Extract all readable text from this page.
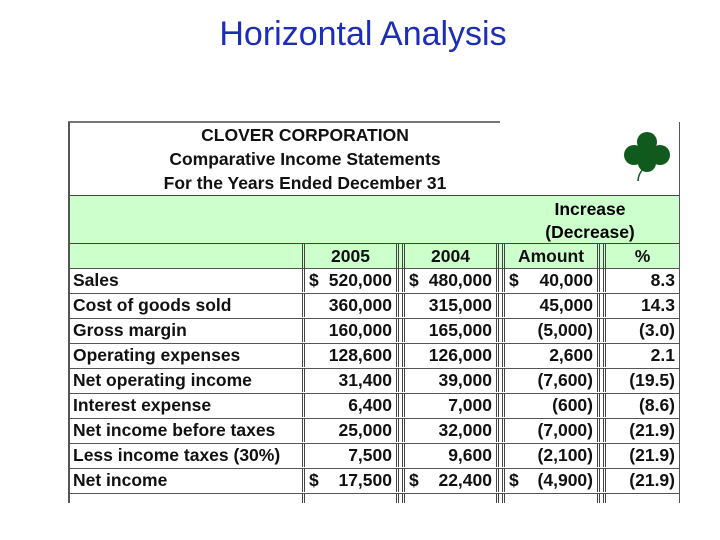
Horizontal Analysis
CLOVER CORPORATION
Comparative Income Statements
For the Years Ended December 31
Increase
(Decrease)
2005	2004	Amount	%
Sales	$ 520,000 $ 480,000 $ 40,000	8.3
Cost of goods sold	360,000	315,000	45,000	14.3
Gross margin	160,000	165,000	(5,000)	(3.0)
Operating expenses	128,600	126,000	2,600	2.1
Net operating income	31,400	39,000	(7,600)	(19.5)
Interest expense	6,400	7,000	(600)	(8.6)
Net income before taxes	25,000	32,000	(7,000)	(21.9)
Less income taxes (30%)	7,500	9,600	(2,100)	(21.9)
Net income	$ 17,500 $ 22,400 $ (4,900)	(21.9)
